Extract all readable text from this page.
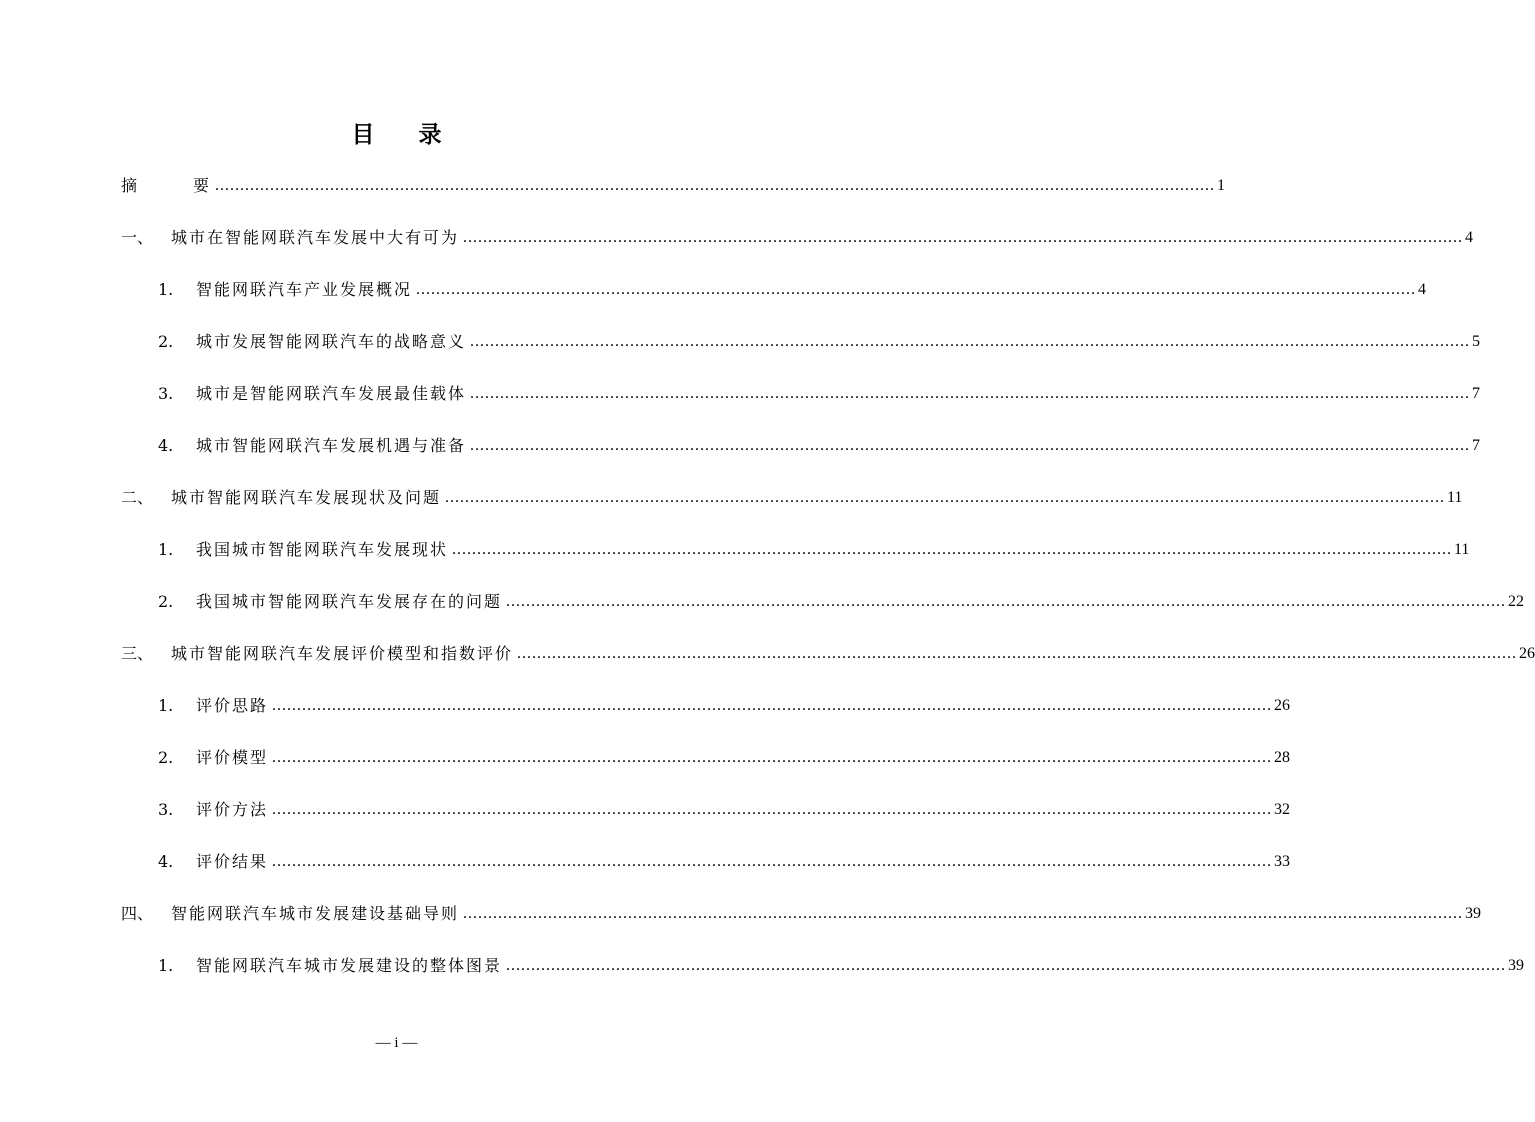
目 录
摘	要 ........................................................................................................................................................................................................ 1
一、	城市在智能网联汽车发展中大有可为 ........................................................................................................................................................................................................ 4
1.	智能网联汽车产业发展概况 ........................................................................................................................................................................................................ 4
2.	城市发展智能网联汽车的战略意义 ........................................................................................................................................................................................................ 5
3.	城市是智能网联汽车发展最佳载体 ........................................................................................................................................................................................................ 7
4.	城市智能网联汽车发展机遇与准备 ........................................................................................................................................................................................................ 7
二、	城市智能网联汽车发展现状及问题 ........................................................................................................................................................................................................ 11
1.	我国城市智能网联汽车发展现状 ........................................................................................................................................................................................................ 11
2.	我国城市智能网联汽车发展存在的问题 ........................................................................................................................................................................................................ 22
三、	城市智能网联汽车发展评价模型和指数评价 ........................................................................................................................................................................................................ 26
1.	评价思路 ........................................................................................................................................................................................................ 26
2.	评价模型 ........................................................................................................................................................................................................ 28
3.	评价方法 ........................................................................................................................................................................................................ 32
4.	评价结果 ........................................................................................................................................................................................................ 33
四、	智能网联汽车城市发展建设基础导则 ........................................................................................................................................................................................................ 39
1.	智能网联汽车城市发展建设的整体图景 ........................................................................................................................................................................................................ 39
— i —
